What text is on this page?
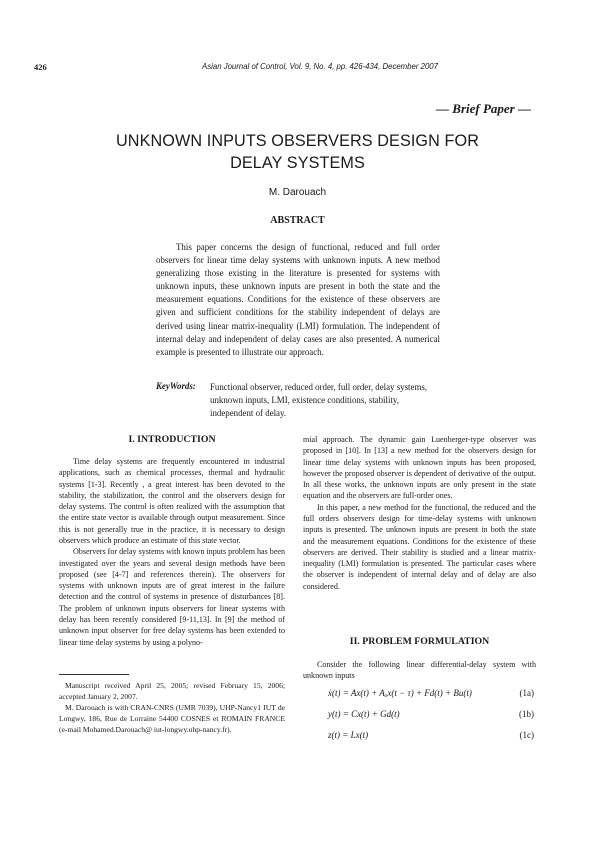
426	Asian Journal of Control, Vol. 9, No. 4, pp. 426-434, December 2007
— Brief Paper —
UNKNOWN INPUTS OBSERVERS DESIGN FOR
DELAY SYSTEMS
M. Darouach
ABSTRACT

This paper concerns the design of functional, reduced and full order observers for linear time delay systems with unknown inputs. A new method generalizing those existing in the literature is presented for systems with unknown inputs, these unknown inputs are present in both the state and the measurement equations. Conditions for the existence of these observers are given and sufficient conditions for the stability independent of delays are derived using linear matrix-inequality (LMI) formulation. The independent of internal delay and independent of delay cases are also presented. A numerical example is presented to illustrate our approach.

KeyWords: Functional observer, reduced order, full order, delay systems, unknown inputs, LMI, existence conditions, stability, independent of delay.
I. INTRODUCTION

Time delay systems are frequently encountered in industrial applications, such as chemical processes, thermal and hydraulic systems [1-3]. Recently , a great interest has been devoted to the stability, the stabilization, the control and the observers design for delay systems. The control is often realized with the assumption that the entire state vector is available through output measurement. Since this is not generally true in the practice, it is necessary to design observers which produce an estimate of this state vector.

Observers for delay systems with known inputs problem has been investigated over the years and several design methods have been proposed (see [4-7] and references therein). The observers for systems with unknown inputs are of great interest in the failure detection and the control of systems in presence of disturbances [8]. The problem of unknown inputs observers for linear systems with delay has been recently considered [9-11,13]. In [9] the method of unknown input observer for free delay systems has been extended to linear time delay systems by using a polyno-

Manuscript received April 25, 2005; revised February 15, 2006; accepted January 2, 2007.

M. Darouach is with CRAN-CNRS (UMR 7039), UHP-Nancy1 IUT de Longwy, 186, Rue de Lorraine 54400 COSNES et ROMAIN FRANCE (e-mail Mohamed.Darouach@ iut-longwy.uhp-nancy.fr).

mial approach. The dynamic gain Luenberger-type observer was proposed in [10]. In [13] a new method for the observers design for linear time delay systems with unknown inputs has been proposed, however the proposed observer is dependent of derivative of the output. In all these works, the unknown inputs are only present in the state equation and the observers are full-order ones.

In this paper, a new method for the functional, the reduced and the full orders observers design for time-delay systems with unknown inputs is presented. The unknown inputs are present in both the state and the measurement equations. Conditions for the existence of these observers are derived. Their stability is studied and a linear matrix-inequality (LMI) formulation is presented. The particular cases where the observer is independent of internal delay and of delay are also considered.

II. PROBLEM FORMULATION

Consider the following linear differential-delay system with unknown inputs

ẋ(t) = Ax(t) + Aₐx(t − τ) + Fd(t) + Bu(t)	(1a)
y(t) = Cx(t) + Gd(t)	(1b)
z(t) = Lx(t)	(1c)
